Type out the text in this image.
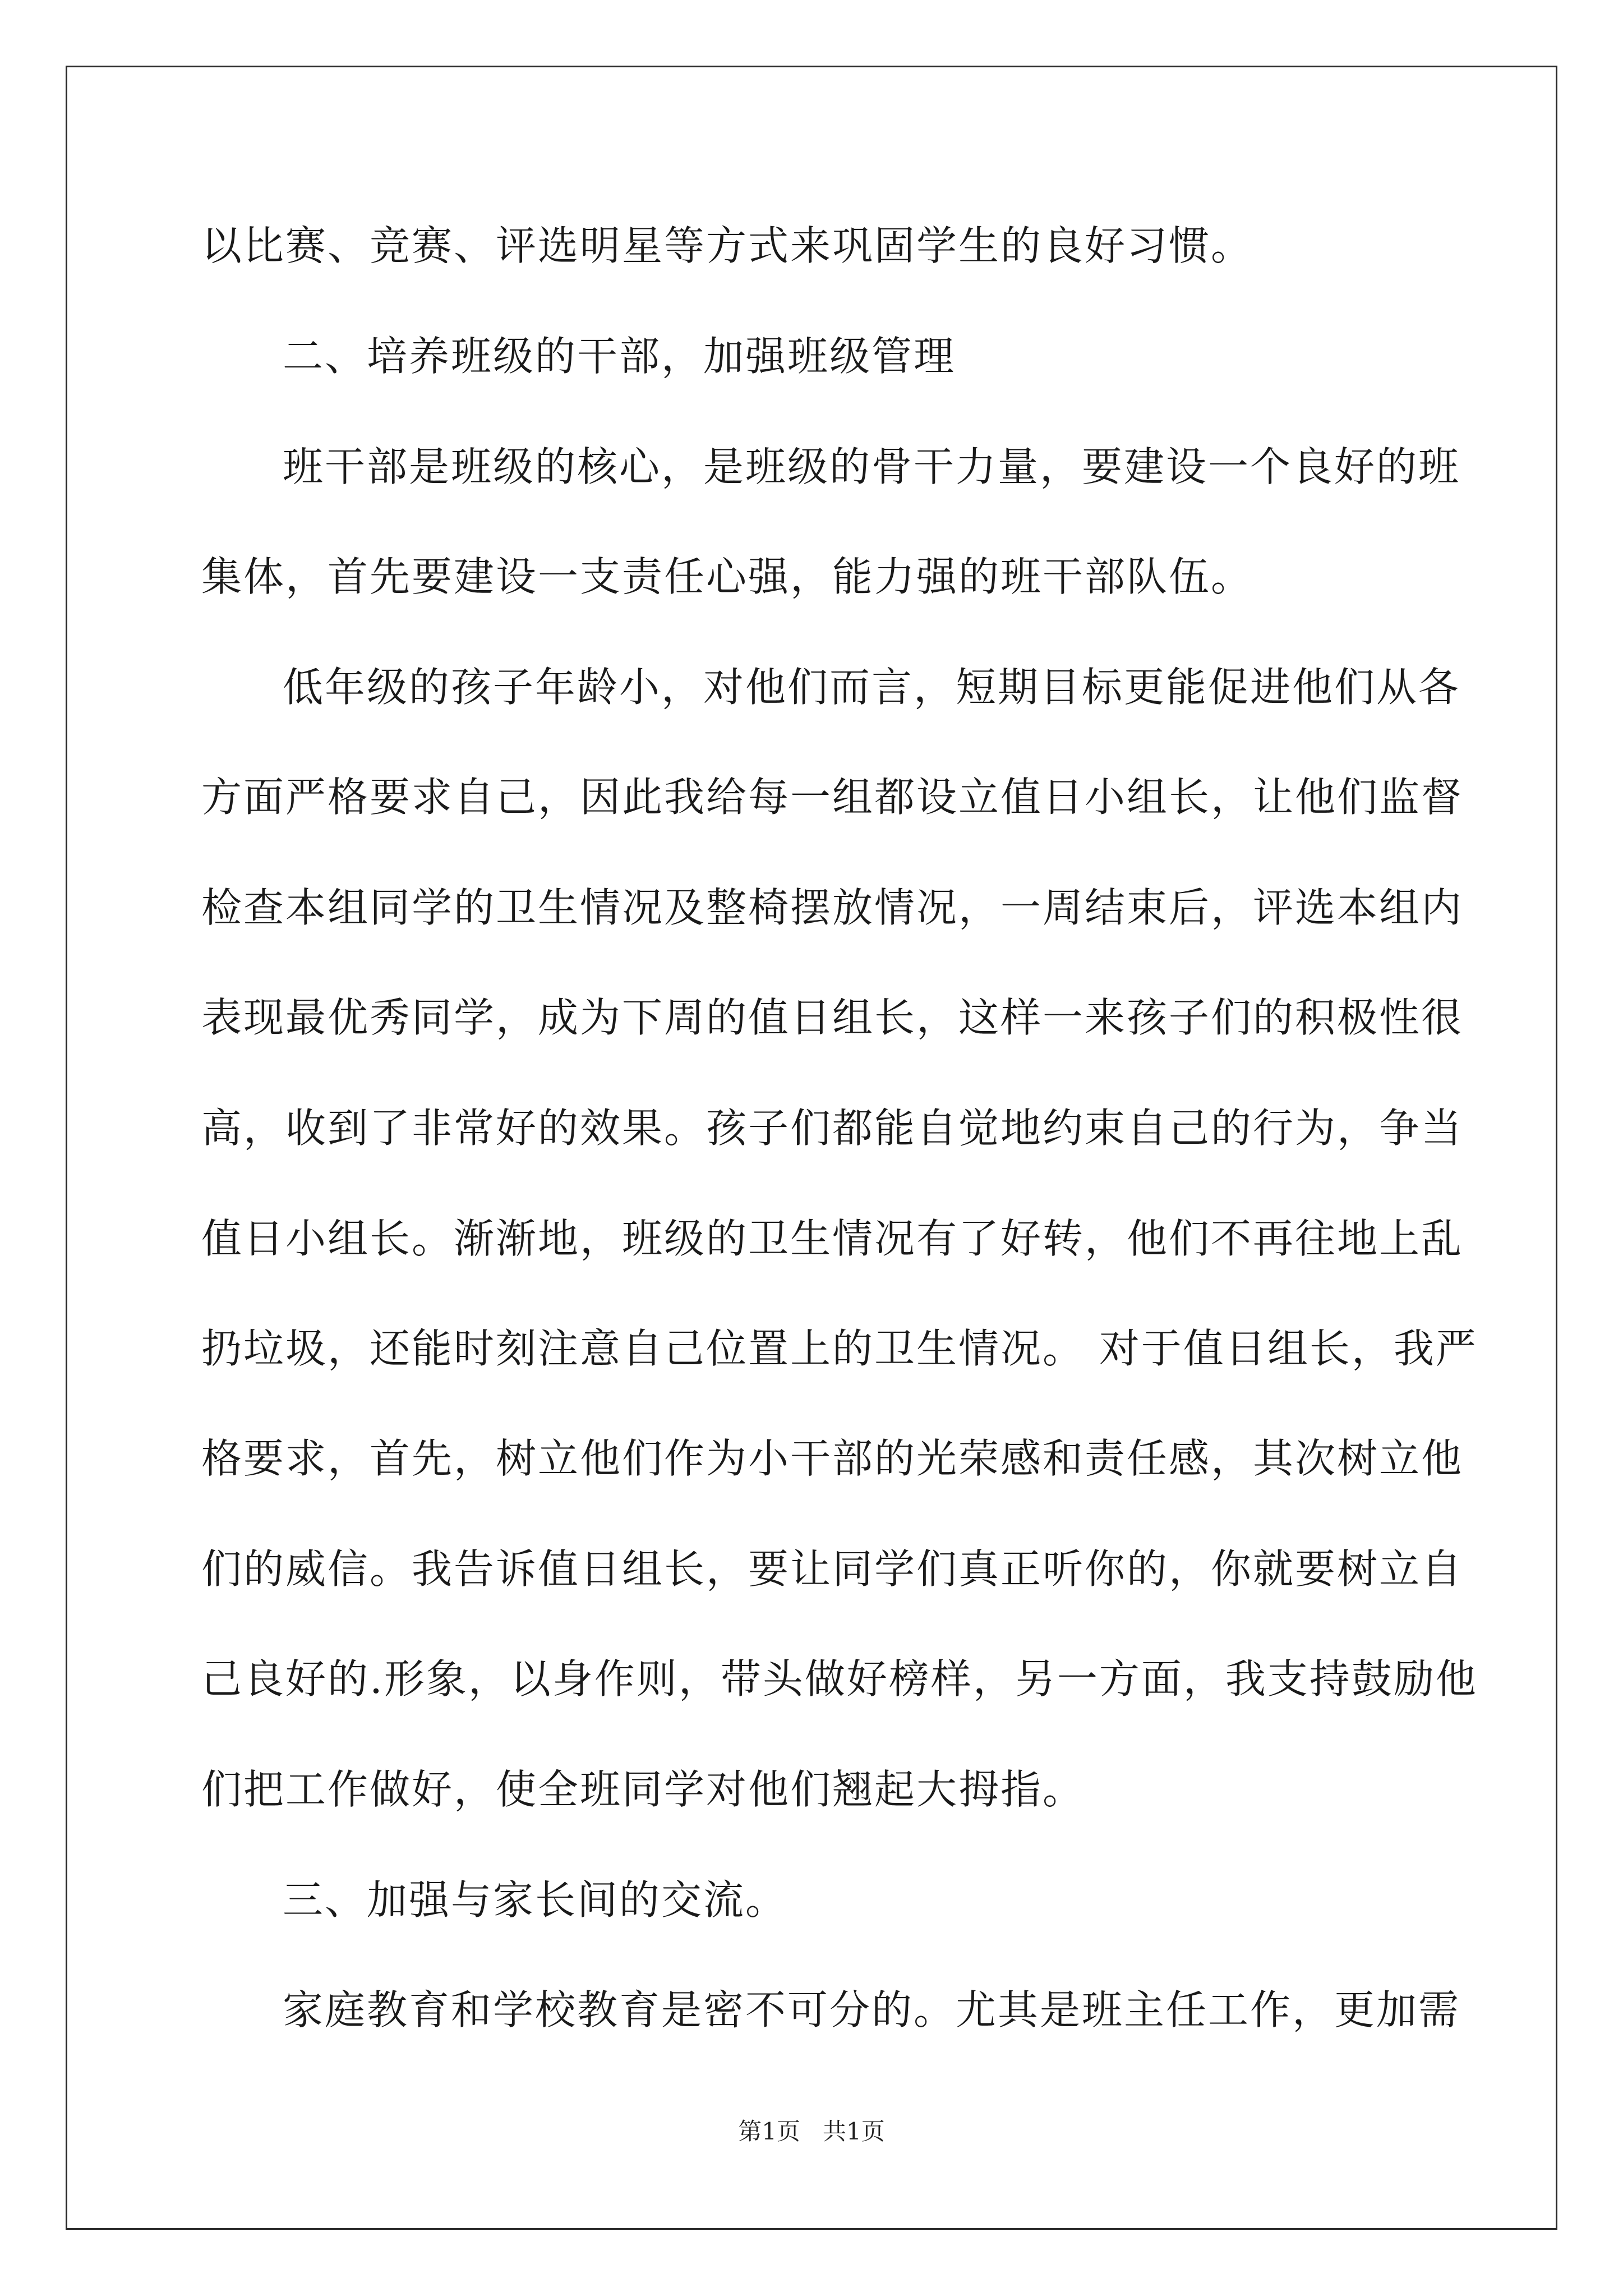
以比赛、竞赛、评选明星等方式来巩固学生的良好习惯。
二、培养班级的干部，加强班级管理
班干部是班级的核心，是班级的骨干力量，要建设一个良好的班
集体，首先要建设一支责任心强，能力强的班干部队伍。
低年级的孩子年龄小，对他们而言，短期目标更能促进他们从各
方面严格要求自己，因此我给每一组都设立值日小组长，让他们监督
检查本组同学的卫生情况及整椅摆放情况，一周结束后，评选本组内
表现最优秀同学，成为下周的值日组长，这样一来孩子们的积极性很
高，收到了非常好的效果。孩子们都能自觉地约束自己的行为，争当
值日小组长。渐渐地，班级的卫生情况有了好转，他们不再往地上乱
扔垃圾，还能时刻注意自己位置上的卫生情况。 对于值日组长，我严
格要求，首先，树立他们作为小干部的光荣感和责任感，其次树立他
们的威信。我告诉值日组长，要让同学们真正听你的，你就要树立自
己良好的.形象，以身作则，带头做好榜样，另一方面，我支持鼓励他
们把工作做好，使全班同学对他们翘起大拇指。
三、加强与家长间的交流。
家庭教育和学校教育是密不可分的。尤其是班主任工作，更加需
第1页 共1页
